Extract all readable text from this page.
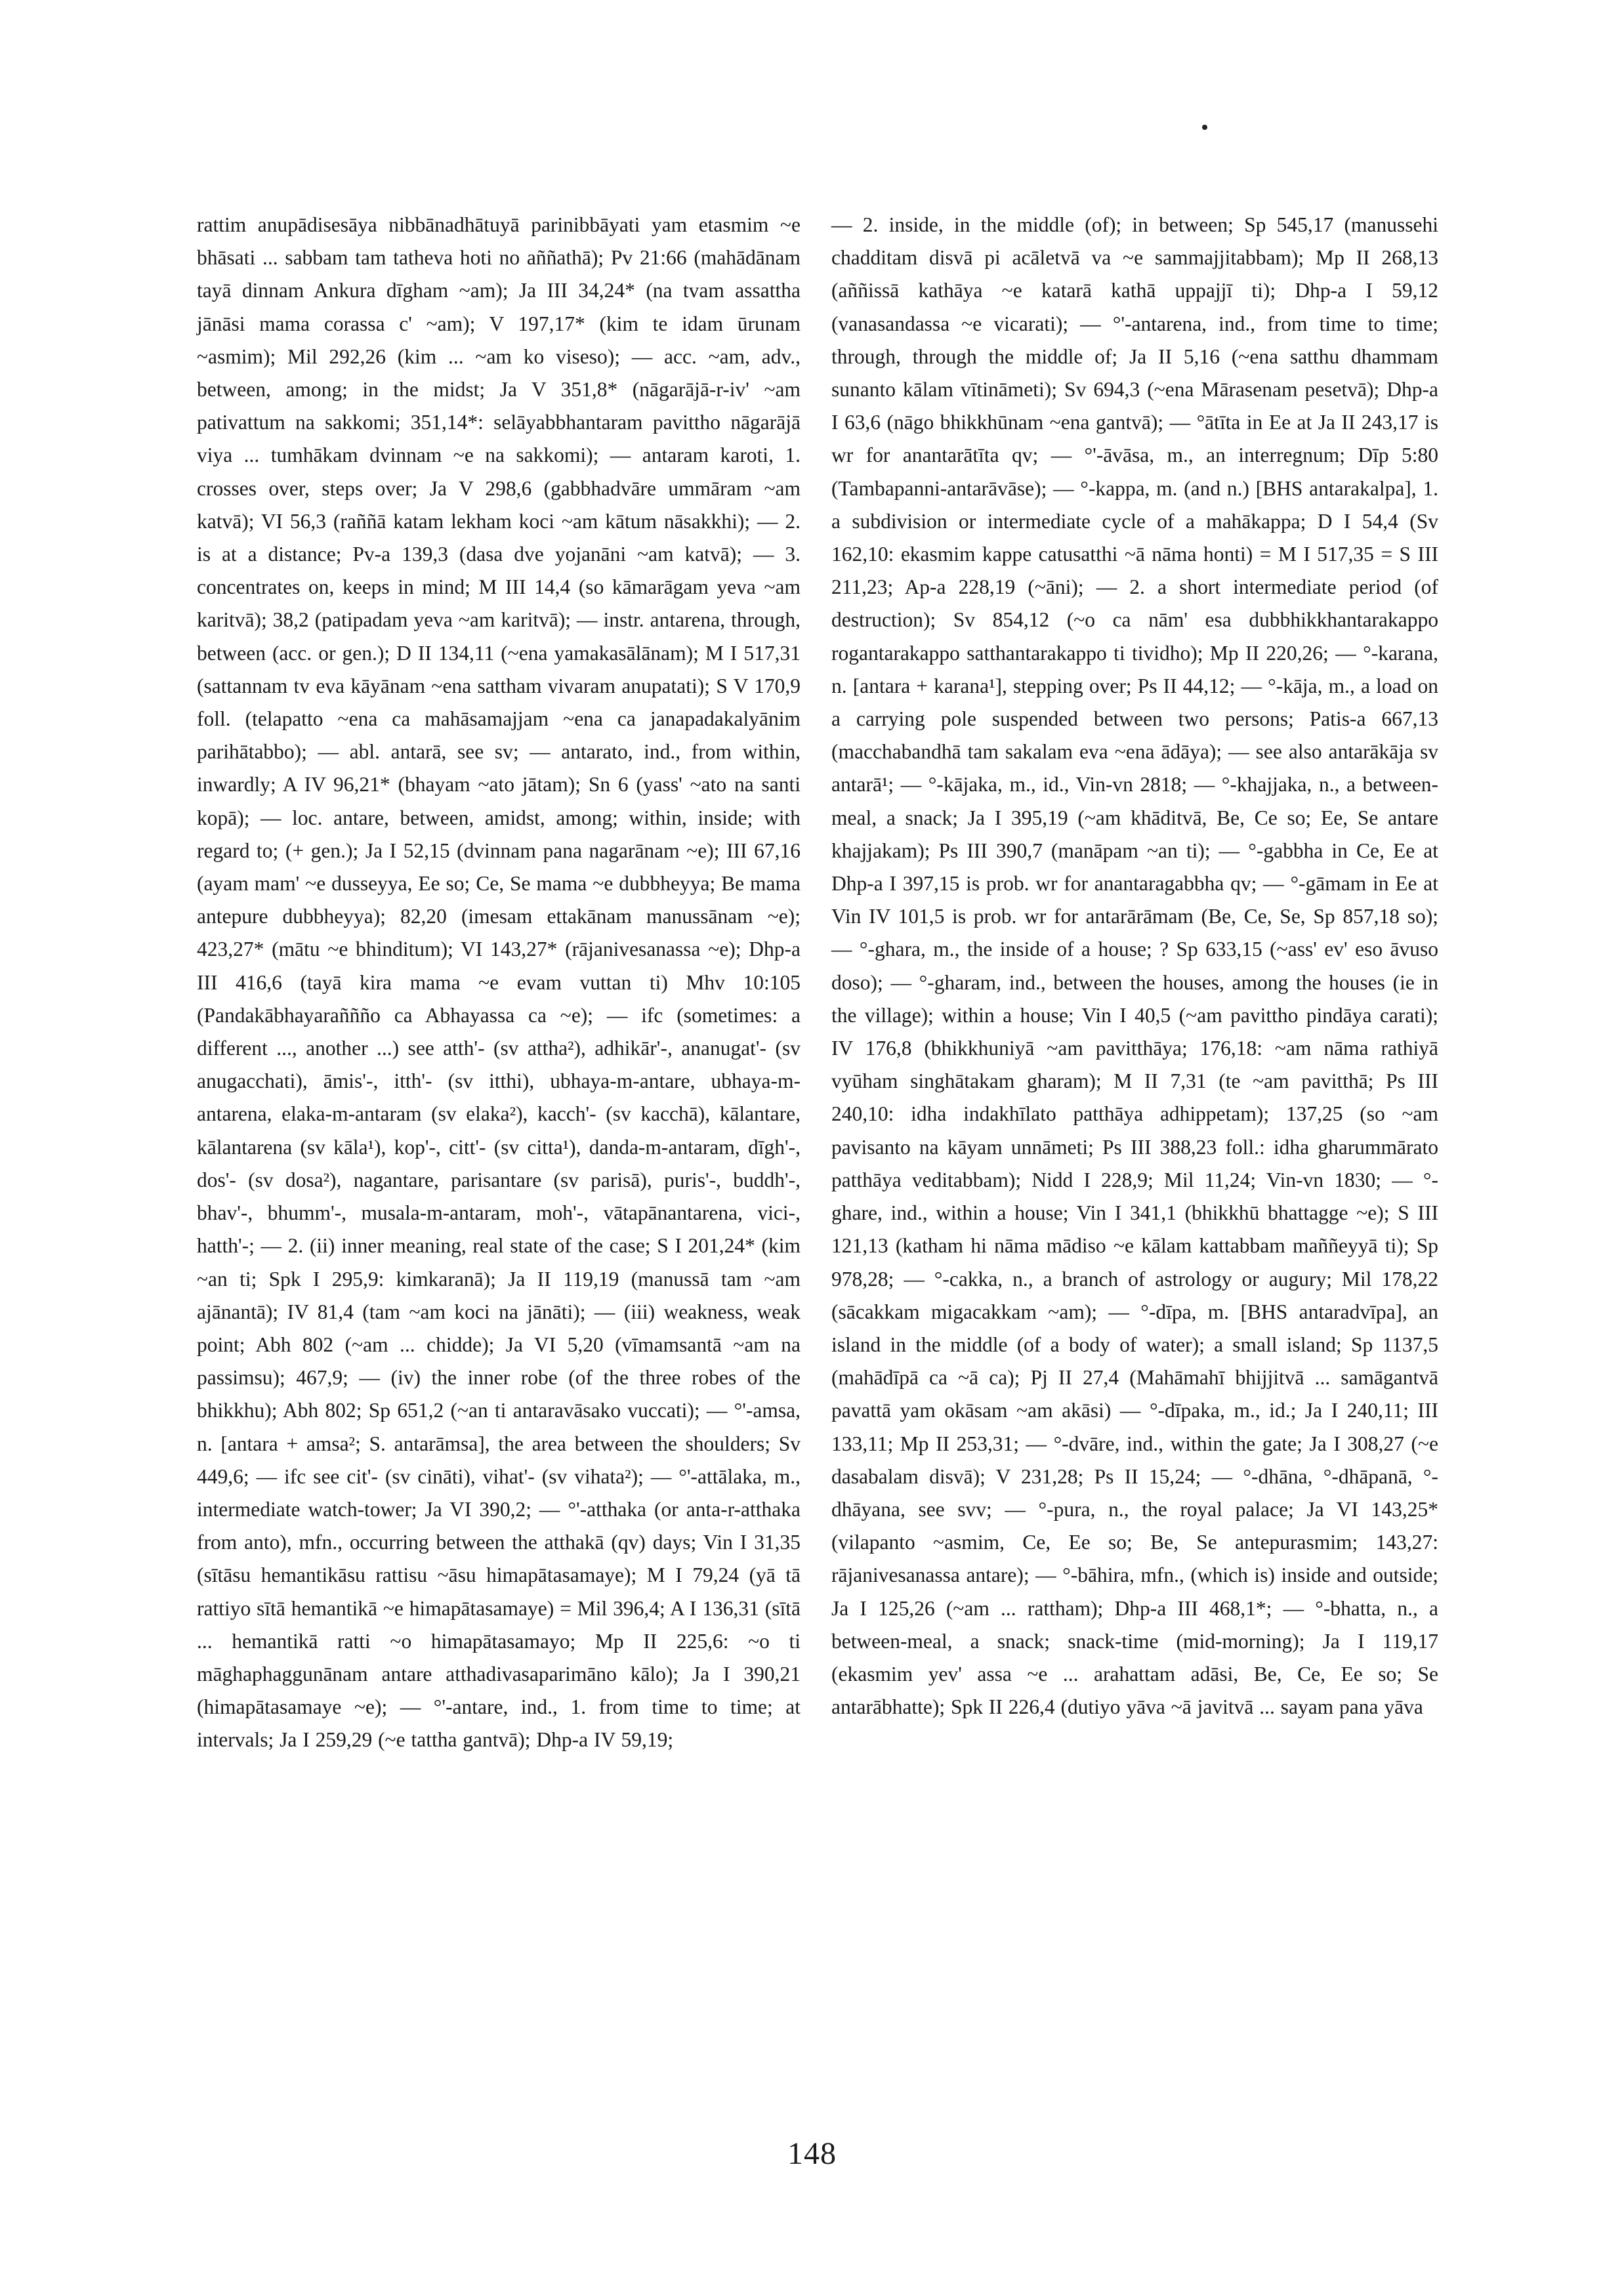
rattim anupādisesāya nibbānadhātuyā parinibbāyati yam etasmim ~e bhāsati ... sabbam tam tatheva hoti no aññathā); Pv 21:66 (mahādānam tayā dinnam Ankura dīgham ~am); Ja III 34,24* (na tvam assattha jānāsi mama corassa c' ~am); V 197,17* (kim te idam ūrunam ~asmim); Mil 292,26 (kim ... ~am ko viseso); — acc. ~am, adv., between, among; in the midst; Ja V 351,8* (nāgarājā-r-iv' ~am pativattum na sakkomi; 351,14*: selāyabbhantaram pavittho nāgarājā viya ... tumhākam dvinnam ~e na sakkomi); — antaram karoti, 1. crosses over, steps over; Ja V 298,6 (gabbhadvāre ummāram ~am katvā); VI 56,3 (raññā katam lekham koci ~am kātum nāsakkhi); — 2. is at a distance; Pv-a 139,3 (dasa dve yojanāni ~am katvā); — 3. concentrates on, keeps in mind; M III 14,4 (so kāmarāgam yeva ~am karitvā); 38,2 (patipadam yeva ~am karitvā); — instr. antarena, through, between (acc. or gen.); D II 134,11 (~ena yamakasālānam); M I 517,31 (sattannam tv eva kāyānam ~ena sattham vivaram anupatati); S V 170,9 foll. (telapatto ~ena ca mahāsamajjam ~ena ca janapadakalyānim parihātabbo); — abl. antarā, see sv; — antarato, ind., from within, inwardly; A IV 96,21* (bhayam ~ato jātam); Sn 6 (yass' ~ato na santi kopā); — loc. antare, between, amidst, among; within, inside; with regard to; (+ gen.); Ja I 52,15 (dvinnam pana nagarānam ~e); III 67,16 (ayam mam' ~e dusseyya, Ee so; Ce, Se mama ~e dubbheyya; Be mama antepure dubbheyya); 82,20 (imesam ettakānam manussānam ~e); 423,27* (mātu ~e bhinditum); VI 143,27* (rājanivesanassa ~e); Dhp-a III 416,6 (tayā kira mama ~e evam vuttan ti) Mhv 10:105 (Pandakābhayaraññño ca Abhayassa ca ~e); — ifc (sometimes: a different ..., another ...) see atth'- (sv attha²), adhikār'-, ananugat'- (sv anugacchati), āmis'-, itth'- (sv itthi), ubhaya-m-antare, ubhaya-m-antarena, elaka-m-antaram (sv elaka²), kacch'- (sv kacchā), kālantare, kālantarena (sv kāla¹), kop'-, citt'- (sv citta¹), danda-m-antaram, dīgh'-, dos'- (sv dosa²), nagantare, parisantare (sv parisā), puris'-, buddh'-, bhav'-, bhumm'-, musala-m-antaram, moh'-, vātapānantarena, vici-, hatth'-; — 2. (ii) inner meaning, real state of the case; S I 201,24* (kim ~an ti; Spk I 295,9: kimkaranā); Ja II 119,19 (manussā tam ~am ajānantā); IV 81,4 (tam ~am koci na jānāti); — (iii) weakness, weak point; Abh 802 (~am ... chidde); Ja VI 5,20 (vīmamsantā ~am na passimsu); 467,9; — (iv) the inner robe (of the three robes of the bhikkhu); Abh 802; Sp 651,2 (~an ti antaravāsako vuccati); — °'-amsa, n. [antara + amsa²; S. antarāmsa], the area between the shoulders; Sv 449,6; — ifc see cit'- (sv cināti), vihat'- (sv vihata²); — °'-attālaka, m., intermediate watch-tower; Ja VI 390,2; — °'-atthaka (or anta-r-atthaka from anto), mfn., occurring between the atthakā (qv) days; Vin I 31,35 (sītāsu hemantikāsu rattisu ~āsu himapātasamaye); M I 79,24 (yā tā rattiyo sītā hemantikā ~e himapātasamaye) = Mil 396,4; A I 136,31 (sītā ... hemantikā ratti ~o himapātasamayo; Mp II 225,6: ~o ti māghaphaggunānam antare atthadivasaparimāno kālo); Ja I 390,21 (himapātasamaye ~e); — °'-antare, ind., 1. from time to time; at intervals; Ja I 259,29 (~e tattha gantvā); Dhp-a IV 59,19;

— 2. inside, in the middle (of); in between; Sp 545,17 (manussehi chadditam disvā pi acāletvā va ~e sammajjitabbam); Mp II 268,13 (aññissā kathāya ~e katarā kathā uppajjī ti); Dhp-a I 59,12 (vanasandassa ~e vicarati); — °'-antarena, ind., from time to time; through, through the middle of; Ja II 5,16 (~ena satthu dhammam sunanto kālam vītināmeti); Sv 694,3 (~ena Mārasenam pesetvā); Dhp-a I 63,6 (nāgo bhikkhūnam ~ena gantvā); — °ātīta in Ee at Ja II 243,17 is wr for anantarātīta qv; — °'-āvāsa, m., an interregnum; Dīp 5:80 (Tambapanni-antarāvāse); — °-kappa, m. (and n.) [BHS antarakalpa], 1. a subdivision or intermediate cycle of a mahākappa; D I 54,4 (Sv 162,10: ekasmim kappe catusatthi ~ā nāma honti) = M I 517,35 = S III 211,23; Ap-a 228,19 (~āni); — 2. a short intermediate period (of destruction); Sv 854,12 (~o ca nām' esa dubbhikkhantarakappo rogantarakappo satthantarakappo ti tividho); Mp II 220,26; — °-karana, n. [antara + karana¹], stepping over; Ps II 44,12; — °-kāja, m., a load on a carrying pole suspended between two persons; Patis-a 667,13 (macchabandhā tam sakalam eva ~ena ādāya); — see also antarākāja sv antarā¹; — °-kājaka, m., id., Vin-vn 2818; — °-khajjaka, n., a between-meal, a snack; Ja I 395,19 (~am khāditvā, Be, Ce so; Ee, Se antare khajjakam); Ps III 390,7 (manāpam ~an ti); — °-gabbha in Ce, Ee at Dhp-a I 397,15 is prob. wr for anantaragabbha qv; — °-gāmam in Ee at Vin IV 101,5 is prob. wr for antarārāmam (Be, Ce, Se, Sp 857,18 so); — °-ghara, m., the inside of a house; ? Sp 633,15 (~ass' ev' eso āvuso doso); — °-gharam, ind., between the houses, among the houses (ie in the village); within a house; Vin I 40,5 (~am pavittho pindāya carati); IV 176,8 (bhikkhuniyā ~am pavitthāya; 176,18: ~am nāma rathiyā vyūham singhātakam gharam); M II 7,31 (te ~am pavitthā; Ps III 240,10: idha indakhīlato patthāya adhippetam); 137,25 (so ~am pavisanto na kāyam unnāmeti; Ps III 388,23 foll.: idha gharummārato patthāya veditabbam); Nidd I 228,9; Mil 11,24; Vin-vn 1830; — °-ghare, ind., within a house; Vin I 341,1 (bhikkhū bhattagge ~e); S III 121,13 (katham hi nāma mādiso ~e kālam kattabbam maññeyyā ti); Sp 978,28; — °-cakka, n., a branch of astrology or augury; Mil 178,22 (sācakkam migacakkam ~am); — °-dīpa, m. [BHS antaradvīpa], an island in the middle (of a body of water); a small island; Sp 1137,5 (mahādīpā ca ~ā ca); Pj II 27,4 (Mahāmahī bhijjitvā ... samāgantvā pavattā yam okāsam ~am akāsi) — °-dīpaka, m., id.; Ja I 240,11; III 133,11; Mp II 253,31; — °-dvāre, ind., within the gate; Ja I 308,27 (~e dasabalam disvā); V 231,28; Ps II 15,24; — °-dhāna, °-dhāpanā, °-dhāyana, see svv; — °-pura, n., the royal palace; Ja VI 143,25* (vilapanto ~asmim, Ce, Ee so; Be, Se antepurasmim; 143,27: rājanivesanassa antare); — °-bāhira, mfn., (which is) inside and outside; Ja I 125,26 (~am ... rattham); Dhp-a III 468,1*; — °-bhatta, n., a between-meal, a snack; snack-time (mid-morning); Ja I 119,17 (ekasmim yev' assa ~e ... arahattam adāsi, Be, Ce, Ee so; Se antarābhatte); Spk II 226,4 (dutiyo yāva ~ā javitvā ... sayam pana yāva

148
